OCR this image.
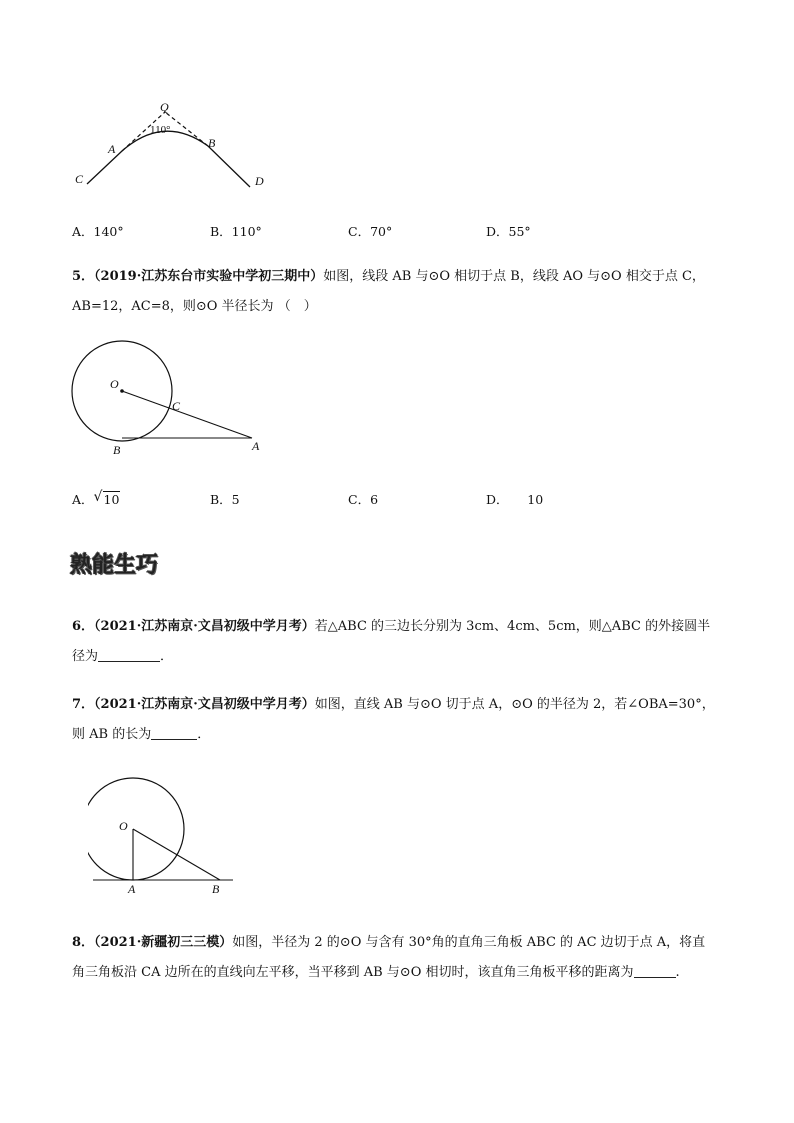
Q
110°
A	B
C	D
A．140°	B．110°	C．70°	D．55°
5．（2019·江苏东台市实验中学初三期中）如图，线段 AB 与⊙O 相切于点 B，线段 AO 与⊙O 相交于点 C，
AB=12，AC=8，则⊙O 半径长为 （　）
O
C
B	A
A． √ 10	B．5	C．6	D．　　10
熟能生巧
6．（2021·江苏南京·文昌初级中学月考）若△ABC 的三边长分别为 3cm、4cm、5cm，则△ABC 的外接圆半
径为	．
7．（2021·江苏南京·文昌初级中学月考）如图，直线 AB 与⊙O 切于点 A，⊙O 的半径为 2，若∠OBA=30°，
则 AB 的长为	．
O
A	B
8．（2021·新疆初三三模）如图，半径为 2 的⊙O 与含有 30°角的直角三角板 ABC 的 AC 边切于点 A，将直
角三角板沿 CA 边所在的直线向左平移，当平移到 AB 与⊙O 相切时，该直角三角板平移的距离为	.
